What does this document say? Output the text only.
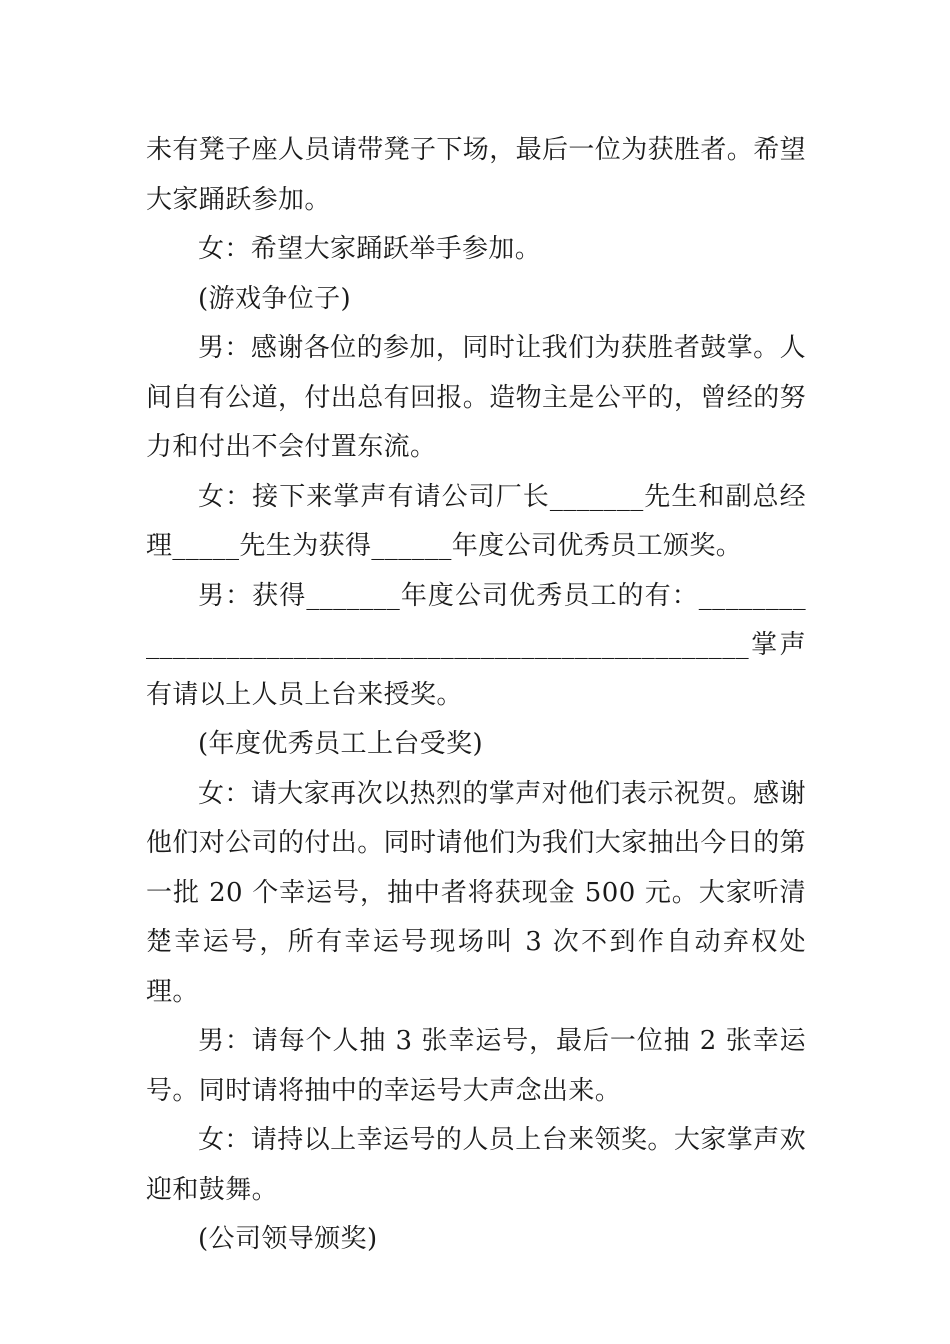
未有凳子座人员请带凳子下场，最后一位为获胜者。希望大家踊跃参加。

女：希望大家踊跃举手参加。

(游戏争位子)

男：感谢各位的参加，同时让我们为获胜者鼓掌。人间自有公道，付出总有回报。造物主是公平的，曾经的努力和付出不会付置东流。

女：接下来掌声有请公司厂长_______先生和副总经理_____先生为获得______年度公司优秀员工颁奖。

男：获得_______年度公司优秀员工的有：_____________________________________________________掌声有请以上人员上台来授奖。

(年度优秀员工上台受奖)

女：请大家再次以热烈的掌声对他们表示祝贺。感谢他们对公司的付出。同时请他们为我们大家抽出今日的第一批 20 个幸运号，抽中者将获现金 500 元。大家听清楚幸运号，所有幸运号现场叫 3 次不到作自动弃权处理。

男：请每个人抽 3 张幸运号，最后一位抽 2 张幸运号。同时请将抽中的幸运号大声念出来。

女：请持以上幸运号的人员上台来领奖。大家掌声欢迎和鼓舞。

(公司领导颁奖)
